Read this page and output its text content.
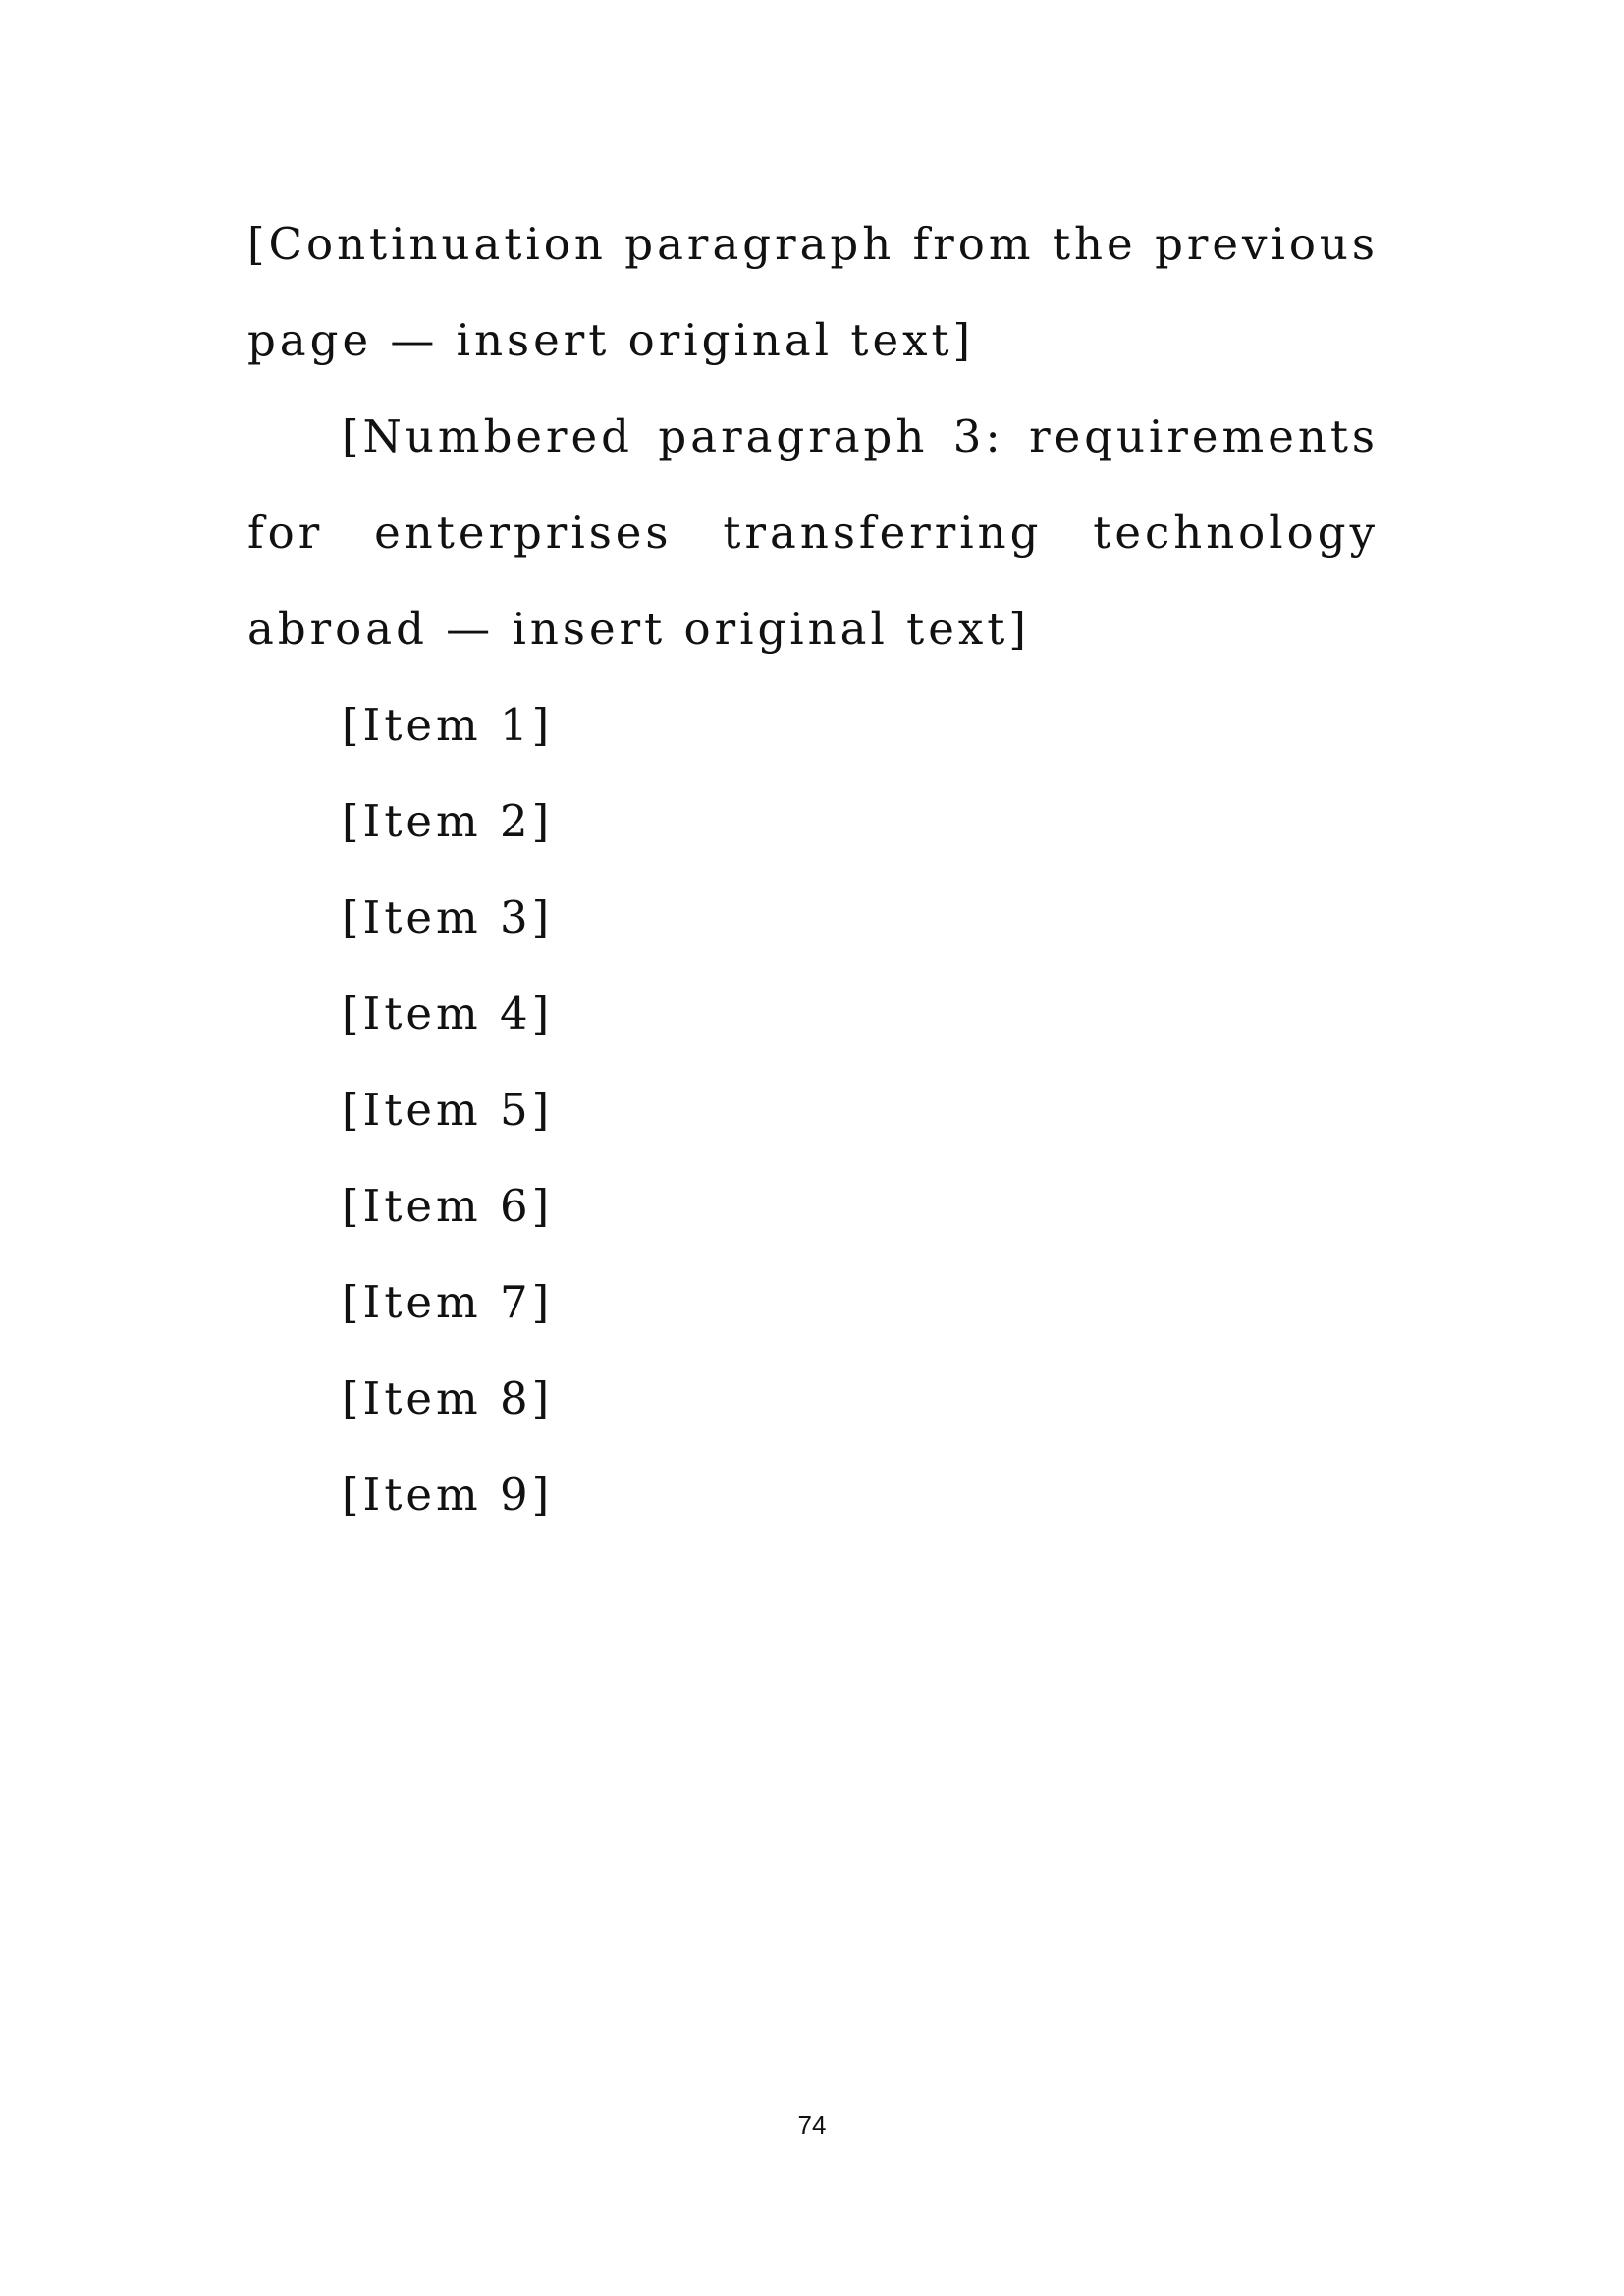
[Continuation paragraph from the previous page — insert original text]

[Numbered paragraph 3: requirements for enterprises transferring technology abroad — insert original text]

[Item 1]
[Item 2]
[Item 3]
[Item 4]
[Item 5]
[Item 6]
[Item 7]
[Item 8]
[Item 9]
74
